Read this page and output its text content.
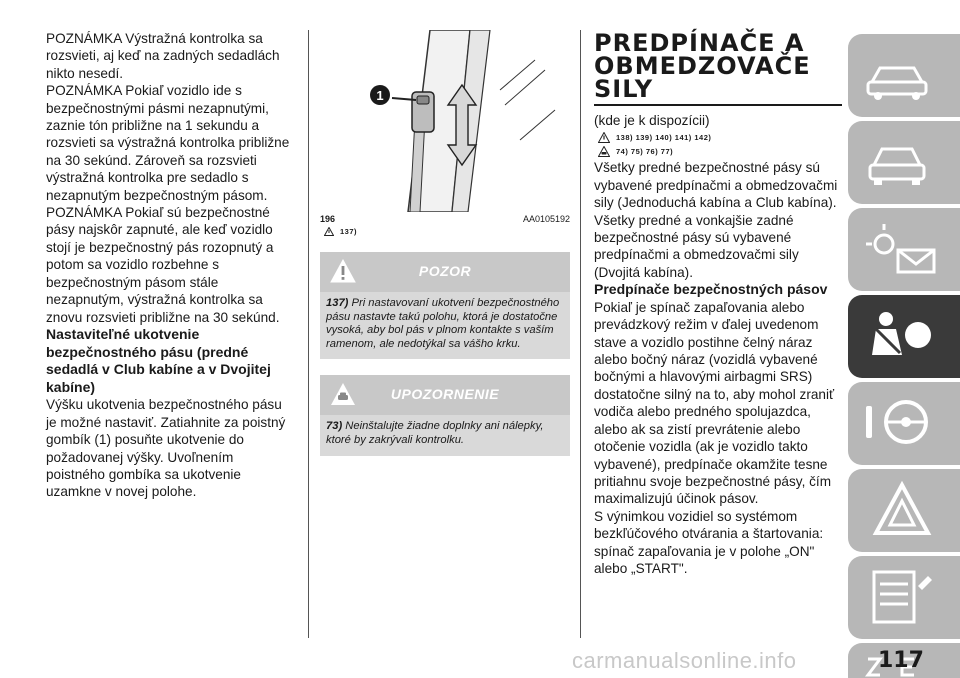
POZNÁMKA Výstražná kontrolka sa rozsvieti, aj keď na zadných sedadlách nikto nesedí.

POZNÁMKA Pokiaľ vozidlo ide s bezpečnostnými pásmi nezapnutými, zaznie tón približne na 1 sekundu a rozsvieti sa výstražná kontrolka približne na 30 sekúnd. Zároveň sa rozsvieti výstražná kontrolka pre sedadlo s nezapnutým bezpečnostným pásom.

POZNÁMKA Pokiaľ sú bezpečnostné pásy najskôr zapnuté, ale keď vozidlo stojí je bezpečnostný pás rozopnutý a potom sa vozidlo rozbehne s bezpečnostným pásom stále nezapnutým, výstražná kontrolka sa znovu rozsvieti približne na 30 sekúnd.

Nastaviteľné ukotvenie bezpečnostného pásu (predné sedadlá v Club kabíne a v Dvojitej kabíne)

Výšku ukotvenia bezpečnostného pásu je možné nastaviť. Zatiahnite za poistný gombík (1) posuňte ukotvenie do požadovanej výšky. Uvoľnením poistného gombíka sa ukotvenie uzamkne v novej polohe.

1
196	AA0105192
137)
POZOR
137) Pri nastavovaní ukotvení bezpečnostného pásu nastavte takú polohu, ktorá je dostatočne vysoká, aby bol pás v plnom kontakte s vaším ramenom, ale nedotýkal sa vášho krku.
UPOZORNENIE
73) Neinštalujte žiadne doplnky ani nálepky, ktoré by zakrývali kontrolku.
PREDPÍNAČE A
OBMEDZOVAČE
SILY

(kde je k dispozícii)

138) 139) 140) 141) 142)
74) 75) 76) 77)

Všetky predné bezpečnostné pásy sú vybavené predpínačmi a obmedzovačmi sily (Jednoduchá kabína a Club kabína).

Všetky predné a vonkajšie zadné bezpečnostné pásy sú vybavené predpínačmi a obmedzovačmi sily (Dvojitá kabína).

Predpínače bezpečnostných pásov

Pokiaľ je spínač zapaľovania alebo prevádzkový režim v ďalej uvedenom stave a vozidlo postihne čelný náraz alebo bočný náraz (vozidlá vybavené bočnými a hlavovými airbagmi SRS) dostatočne silný na to, aby mohol zraniť vodiča alebo predného spolujazdca, alebo ak sa zistí prevrátenie alebo otočenie vozidla (ak je vozidlo takto vybavené), predpínače okamžite tesne pritiahnu svoje bezpečnostné pásy, čím maximalizujú účinok pásov.

S výnimkou vozidiel so systémom bezkľúčového otvárania a štartovania: spínač zapaľovania je v polohe „ON" alebo „START".

carmanualsonline.info	117
